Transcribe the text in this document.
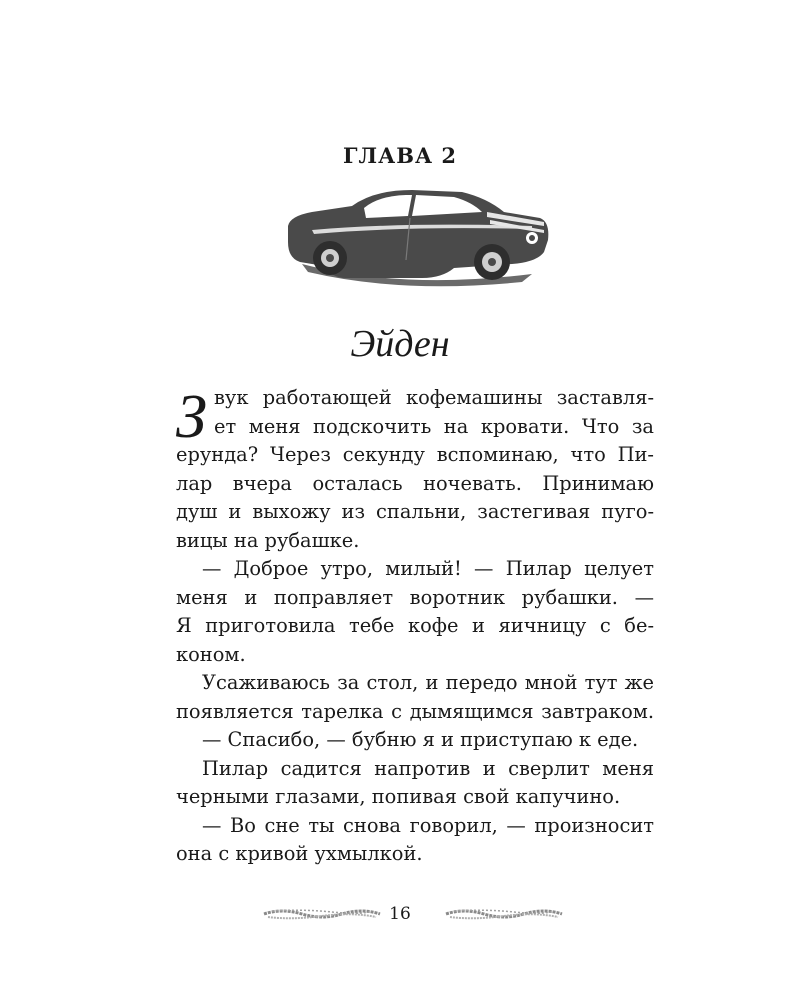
ГЛАВА 2
Эйден
З вук работающей кофемашины заставля-
ет меня подскочить на кровати. Что за
ерунда? Через секунду вспоминаю, что Пи-
лар вчера осталась ночевать. Принимаю
душ и выхожу из спальни, застегивая пуго-
вицы на рубашке.
— Доброе утро, милый! — Пилар целует
меня и поправляет воротник рубашки. —
Я приготовила тебе кофе и яичницу с бе-
коном.
Усаживаюсь за стол, и передо мной тут же
появляется тарелка с дымящимся завтраком.
— Спасибо, — бубню я и приступаю к еде.
Пилар садится напротив и сверлит меня
черными глазами, попивая свой капучино.
— Во сне ты снова говорил, — произносит
она с кривой ухмылкой.
16
